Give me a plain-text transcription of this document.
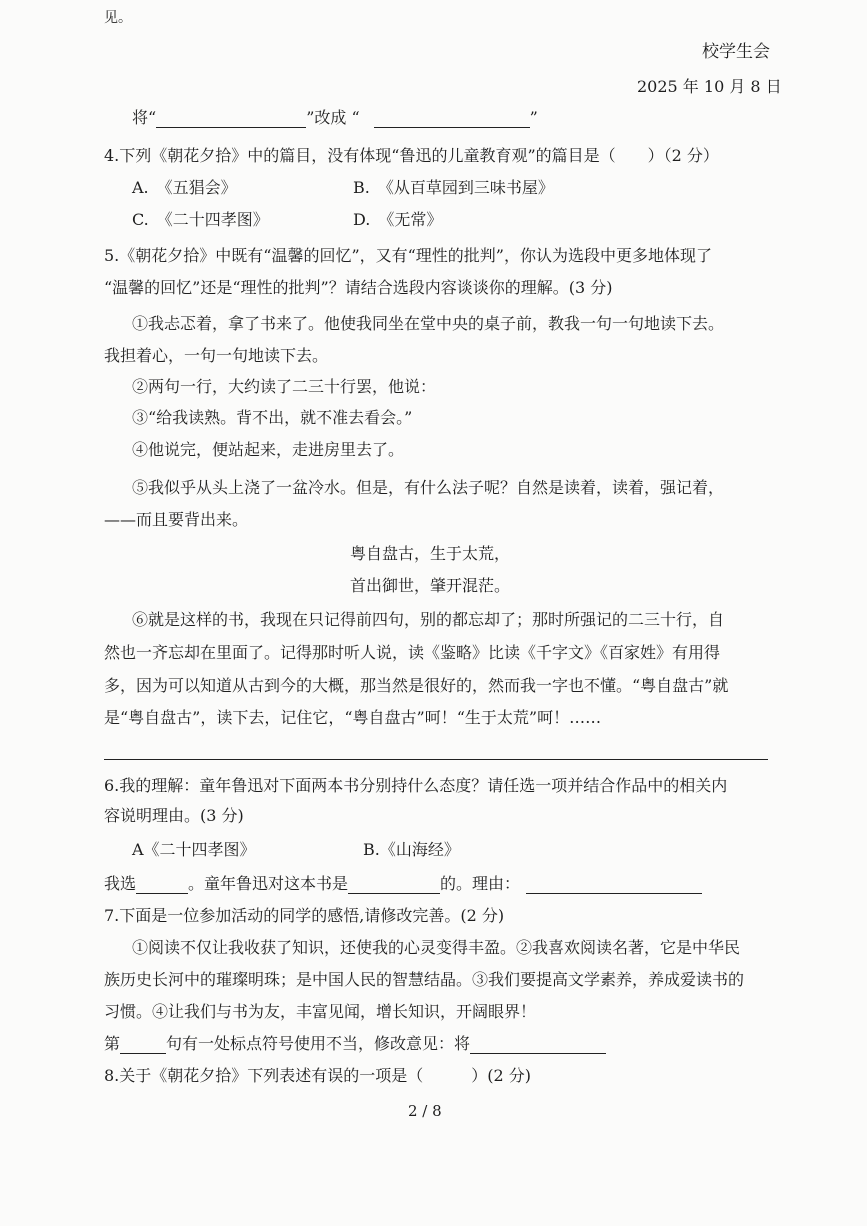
见。
校学生会
2025 年 10 月 8 日
将“	”改成 “	”
4.下列《朝花夕拾》中的篇目，没有体现“鲁迅的儿童教育观”的篇目是（　　）（2 分）
A.　《五猖会》	B.　《从百草园到三味书屋》
C.　《二十四孝图》	D.　《无常》
5.《朝花夕拾》中既有“温馨的回忆”，又有“理性的批判”，你认为选段中更多地体现了
“温馨的回忆”还是“理性的批判”？请结合选段内容谈谈你的理解。(3 分)
①我忐忑着，拿了书来了。他使我同坐在堂中央的桌子前，教我一句一句地读下去。
我担着心，一句一句地读下去。
②两句一行，大约读了二三十行罢，他说：
③“给我读熟。背不出，就不准去看会。”
④他说完，便站起来，走进房里去了。
⑤我似乎从头上浇了一盆冷水。但是，有什么法子呢？自然是读着，读着，强记着，
——而且要背出来。
粤自盘古，生于太荒，
首出御世，肇开混茫。
⑥就是这样的书，我现在只记得前四句，别的都忘却了；那时所强记的二三十行，自
然也一齐忘却在里面了。记得那时听人说，读《鉴略》比读《千字文》《百家姓》有用得
多，因为可以知道从古到今的大概，那当然是很好的，然而我一字也不懂。“粤自盘古”就
是“粤自盘古”，读下去，记住它，“粤自盘古”呵！“生于太荒”呵！……
6.我的理解：童年鲁迅对下面两本书分别持什么态度？请任选一项并结合作品中的相关内
容说明理由。(3 分)
A《二十四孝图》	B.《山海经》
我选	。童年鲁迅对这本书是	的。理由：
7.下面是一位参加活动的同学的感悟,请修改完善。(2 分)
①阅读不仅让我收获了知识，还使我的心灵变得丰盈。②我喜欢阅读名著，它是中华民
族历史长河中的璀璨明珠；是中国人民的智慧结晶。③我们要提高文学素养，养成爱读书的
习惯。④让我们与书为友，丰富见闻，增长知识，开阔眼界！
第	句有一处标点符号使用不当，修改意见：将
8.关于《朝花夕拾》下列表述有误的一项是（　　　）(2 分)
2 / 8
